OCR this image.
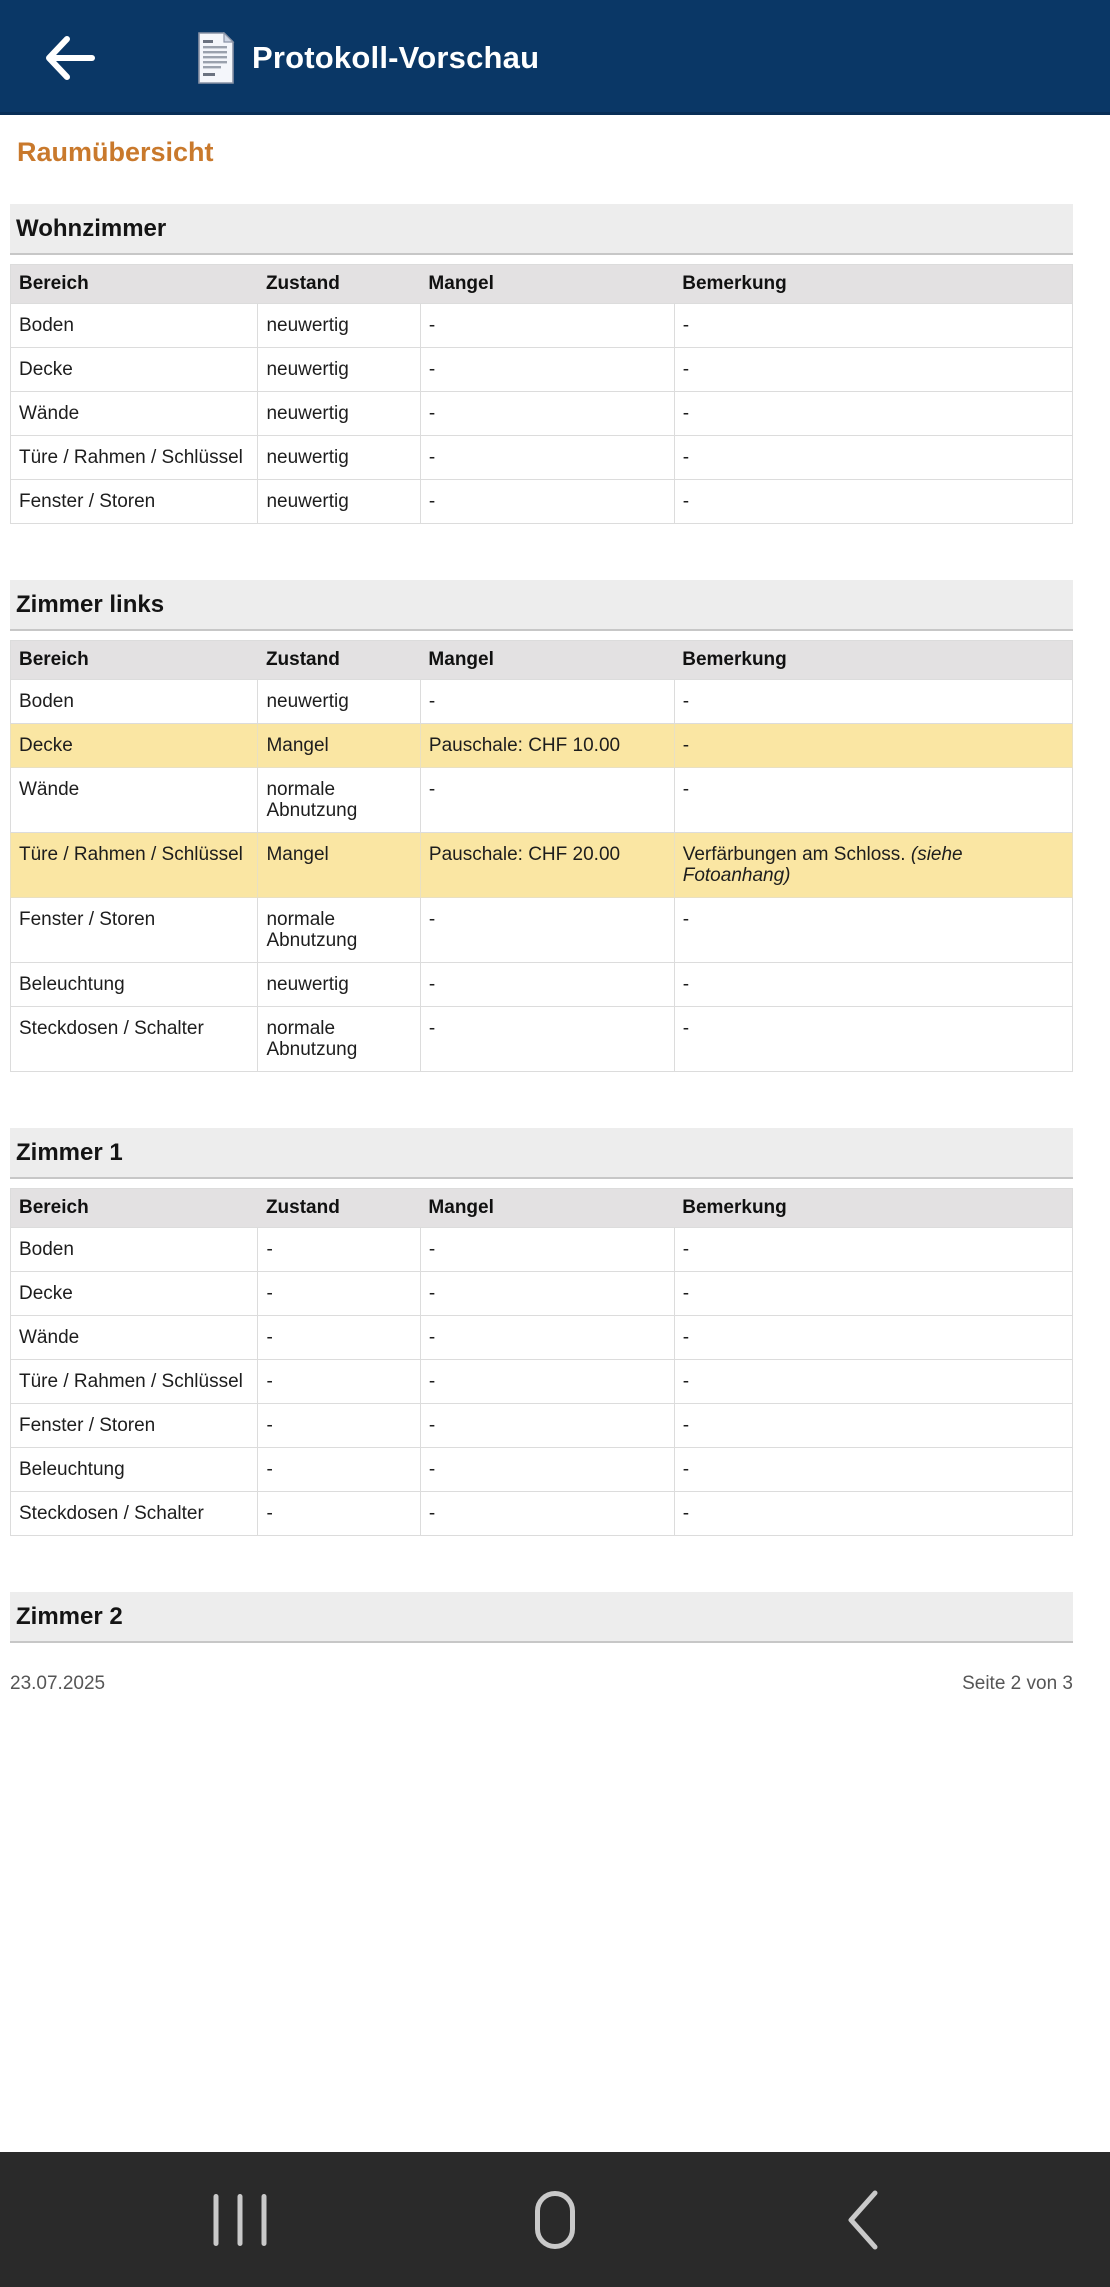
Protokoll-Vorschau
Raumübersicht
Wohnzimmer
Bereich	Zustand	Mangel	Bemerkung
Boden	neuwertig	-	-
Decke	neuwertig	-	-
Wände	neuwertig	-	-
Türe / Rahmen / Schlüssel	neuwertig	-	-
Fenster / Storen	neuwertig	-	-
Zimmer links
Bereich	Zustand	Mangel	Bemerkung
Boden	neuwertig	-	-
Decke	Mangel	Pauschale: CHF 10.00	-
Wände	normale Abnutzung	-	-
Türe / Rahmen / Schlüssel	Mangel	Pauschale: CHF 20.00	Verfärbungen am Schloss. (siehe Fotoanhang)
Fenster / Storen	normale Abnutzung	-	-
Beleuchtung	neuwertig	-	-
Steckdosen / Schalter	normale Abnutzung	-	-
Zimmer 1
Bereich	Zustand	Mangel	Bemerkung
Boden	-	-	-
Decke	-	-	-
Wände	-	-	-
Türe / Rahmen / Schlüssel	-	-	-
Fenster / Storen	-	-	-
Beleuchtung	-	-	-
Steckdosen / Schalter	-	-	-
Zimmer 2
23.07.2025	Seite 2 von 3
